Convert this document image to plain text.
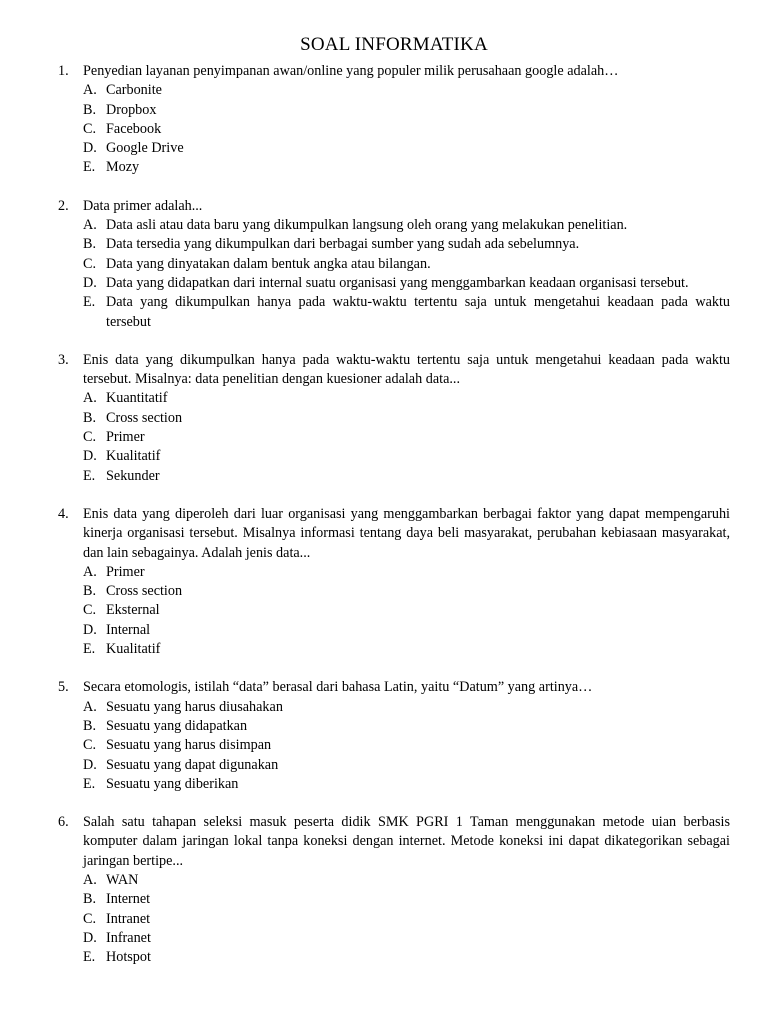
SOAL INFORMATIKA
1.	Penyedian layanan penyimpanan awan/online yang populer milik perusahaan google adalah…
A. Carbonite
B. Dropbox
C. Facebook
D. Google Drive
E. Mozy
2.	Data primer adalah...
A. Data asli atau data baru yang dikumpulkan langsung oleh orang yang melakukan penelitian.
B. Data tersedia yang dikumpulkan dari berbagai sumber yang sudah ada sebelumnya.
C. Data yang dinyatakan dalam bentuk angka atau bilangan.
D. Data yang didapatkan dari internal suatu organisasi yang menggambarkan keadaan organisasi tersebut.
E. Data yang dikumpulkan hanya pada waktu-waktu tertentu saja untuk mengetahui keadaan pada waktu tersebut
3.	Enis data yang dikumpulkan hanya pada waktu-waktu tertentu saja untuk mengetahui keadaan pada waktu tersebut. Misalnya: data penelitian dengan kuesioner adalah data...
A. Kuantitatif
B. Cross section
C. Primer
D. Kualitatif
E. Sekunder
4.	Enis data yang diperoleh dari luar organisasi yang menggambarkan berbagai faktor yang dapat mempengaruhi kinerja organisasi tersebut. Misalnya informasi tentang daya beli masyarakat, perubahan kebiasaan masyarakat, dan lain sebagainya. Adalah jenis data...
A. Primer
B. Cross section
C. Eksternal
D. Internal
E. Kualitatif
5.	Secara etomologis, istilah “data” berasal dari bahasa Latin, yaitu “Datum” yang artinya…
A. Sesuatu yang harus diusahakan
B. Sesuatu yang didapatkan
C. Sesuatu yang harus disimpan
D. Sesuatu yang dapat digunakan
E. Sesuatu yang diberikan
6.	Salah satu tahapan seleksi masuk peserta didik SMK PGRI 1 Taman menggunakan metode uian berbasis komputer dalam jaringan lokal tanpa koneksi dengan internet. Metode koneksi ini dapat dikategorikan sebagai jaringan bertipe...
A. WAN
B. Internet
C. Intranet
D. Infranet
E. Hotspot
